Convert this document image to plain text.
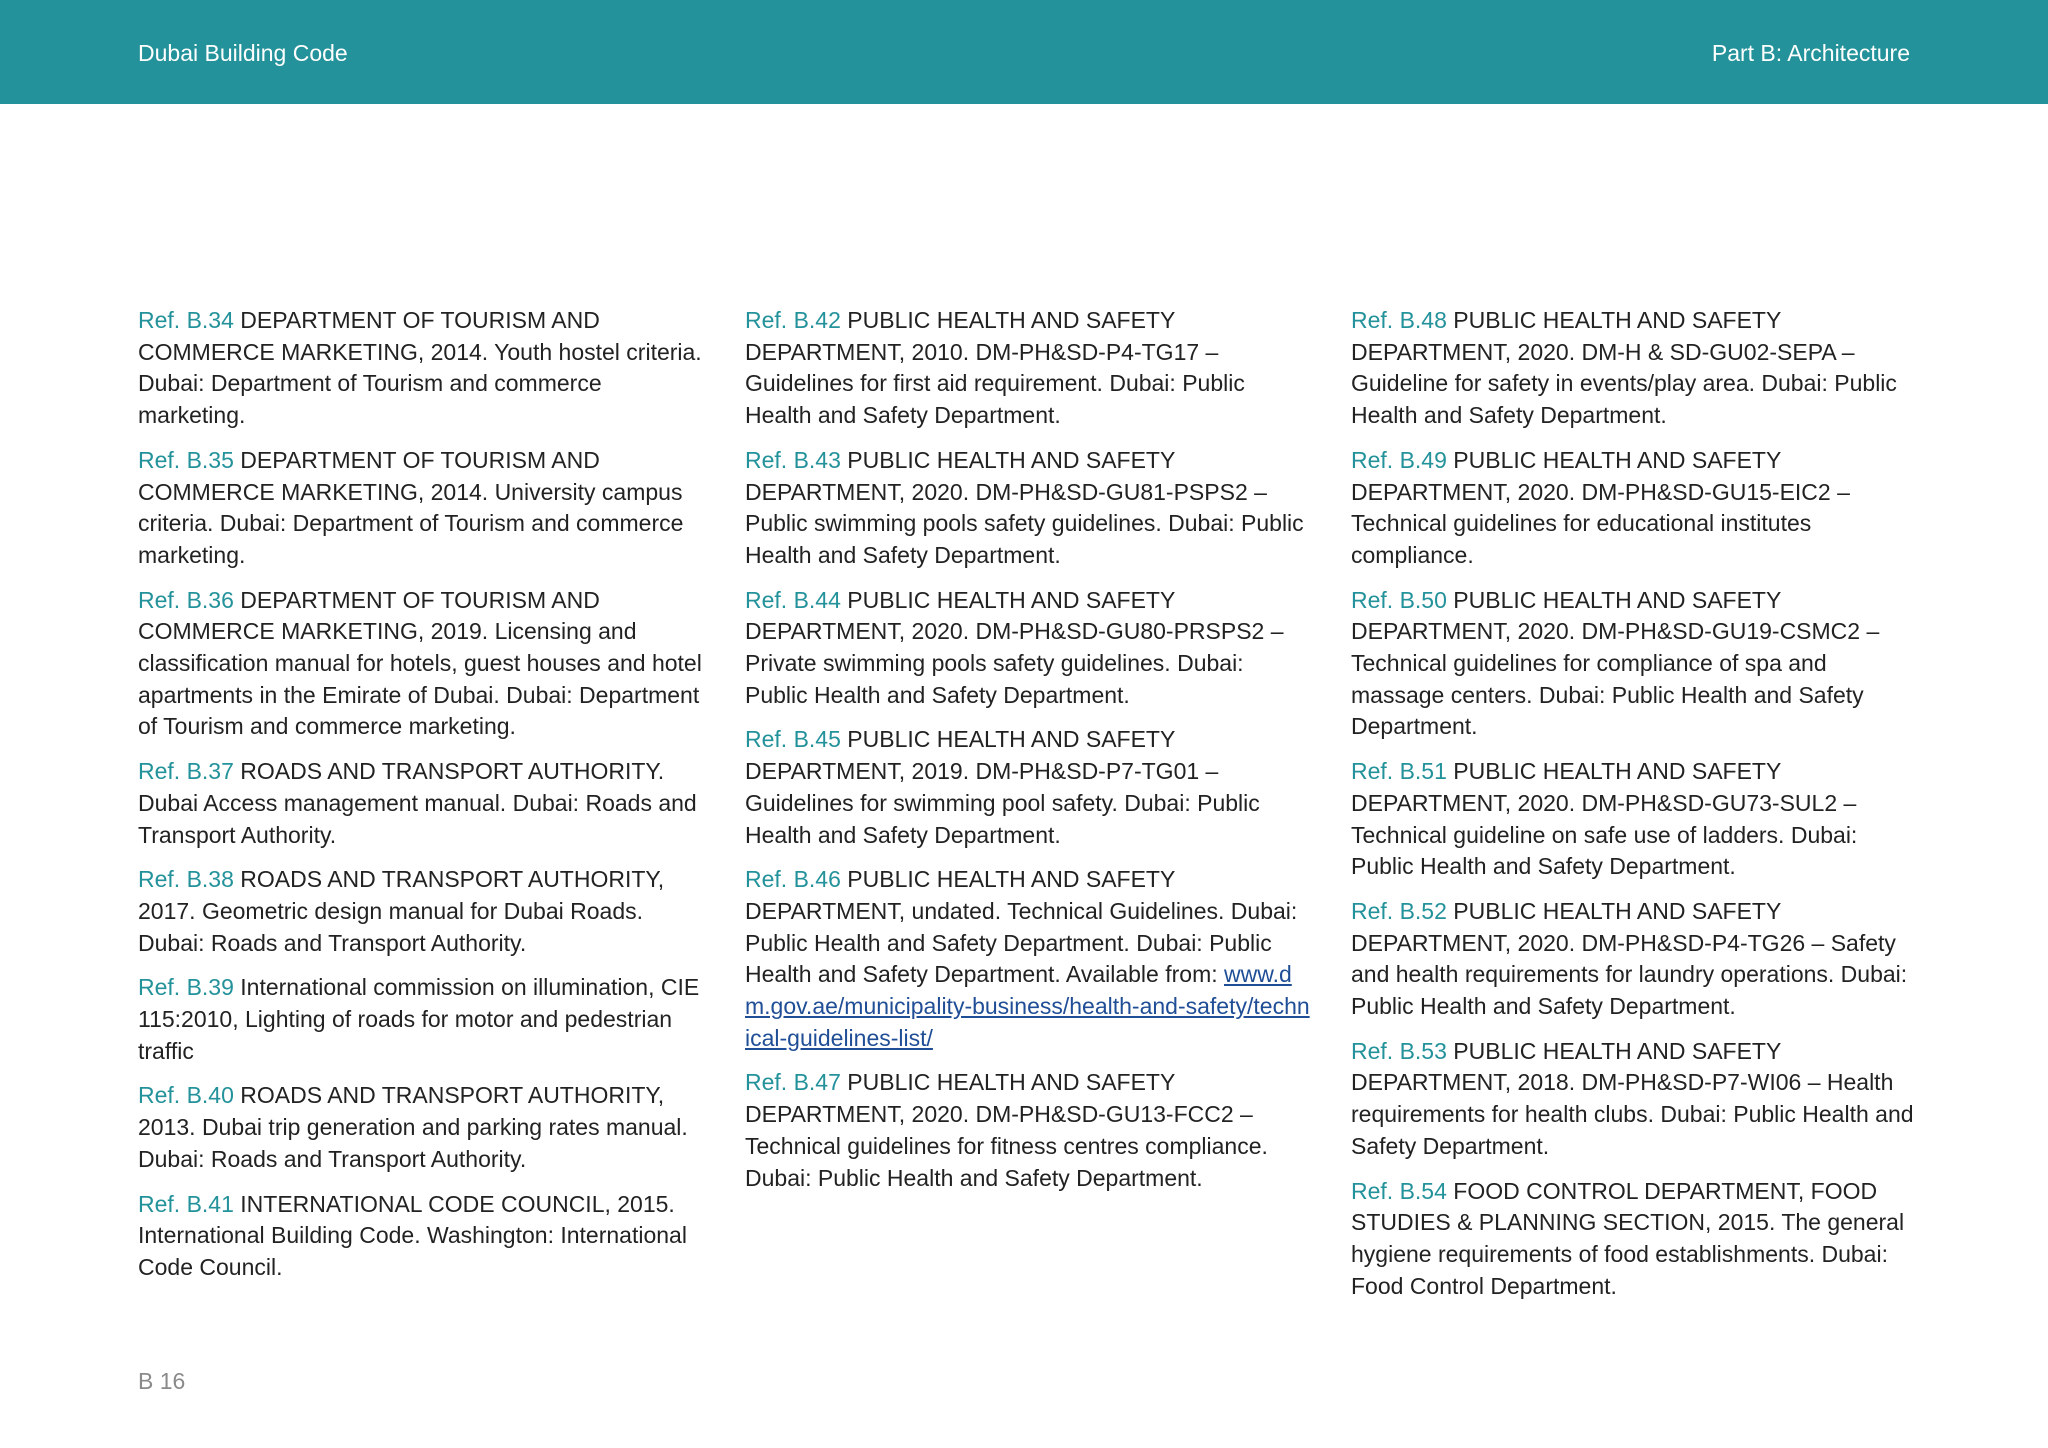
Dubai Building Code	Part B: Architecture

Ref. B.34 DEPARTMENT OF TOURISM AND COMMERCE MARKETING, 2014. Youth hostel criteria. Dubai: Department of Tourism and commerce marketing.

Ref. B.35 DEPARTMENT OF TOURISM AND COMMERCE MARKETING, 2014. University campus criteria. Dubai: Department of Tourism and commerce marketing.

Ref. B.36 DEPARTMENT OF TOURISM AND COMMERCE MARKETING, 2019. Licensing and classification manual for hotels, guest houses and hotel apartments in the Emirate of Dubai. Dubai: Department of Tourism and commerce marketing.

Ref. B.37 ROADS AND TRANSPORT AUTHORITY. Dubai Access management manual. Dubai: Roads and Transport Authority.

Ref. B.38 ROADS AND TRANSPORT AUTHORITY, 2017. Geometric design manual for Dubai Roads. Dubai: Roads and Transport Authority.

Ref. B.39 International commission on illumination, CIE 115:2010, Lighting of roads for motor and pedestrian traffic

Ref. B.40 ROADS AND TRANSPORT AUTHORITY, 2013. Dubai trip generation and parking rates manual. Dubai: Roads and Transport Authority.

Ref. B.41 INTERNATIONAL CODE COUNCIL, 2015. International Building Code. Washington: International Code Council.

Ref. B.42 PUBLIC HEALTH AND SAFETY DEPARTMENT, 2010. DM-PH&SD-P4-TG17 – Guidelines for first aid requirement. Dubai: Public Health and Safety Department.

Ref. B.43 PUBLIC HEALTH AND SAFETY DEPARTMENT, 2020. DM-PH&SD-GU81-PSPS2 – Public swimming pools safety guidelines. Dubai: Public Health and Safety Department.

Ref. B.44 PUBLIC HEALTH AND SAFETY DEPARTMENT, 2020. DM-PH&SD-GU80-PRSPS2 – Private swimming pools safety guidelines. Dubai: Public Health and Safety Department.

Ref. B.45 PUBLIC HEALTH AND SAFETY DEPARTMENT, 2019. DM-PH&SD-P7-TG01 – Guidelines for swimming pool safety. Dubai: Public Health and Safety Department.

Ref. B.46 PUBLIC HEALTH AND SAFETY DEPARTMENT, undated. Technical Guidelines. Dubai: Public Health and Safety Department. Dubai: Public Health and Safety Department. Available from: www.dm.gov.ae/municipality-business/health-and-safety/technical-guidelines-list/

Ref. B.47 PUBLIC HEALTH AND SAFETY DEPARTMENT, 2020. DM-PH&SD-GU13-FCC2 – Technical guidelines for fitness centres compliance. Dubai: Public Health and Safety Department.

Ref. B.48 PUBLIC HEALTH AND SAFETY DEPARTMENT, 2020. DM-H & SD-GU02-SEPA – Guideline for safety in events/play area. Dubai: Public Health and Safety Department.

Ref. B.49 PUBLIC HEALTH AND SAFETY DEPARTMENT, 2020. DM-PH&SD-GU15-EIC2 –Technical guidelines for educational institutes compliance.

Ref. B.50 PUBLIC HEALTH AND SAFETY DEPARTMENT, 2020. DM-PH&SD-GU19-CSMC2 – Technical guidelines for compliance of spa and massage centers. Dubai: Public Health and Safety Department.

Ref. B.51 PUBLIC HEALTH AND SAFETY DEPARTMENT, 2020. DM-PH&SD-GU73-SUL2 – Technical guideline on safe use of ladders. Dubai: Public Health and Safety Department.

Ref. B.52 PUBLIC HEALTH AND SAFETY DEPARTMENT, 2020. DM-PH&SD-P4-TG26 – Safety and health requirements for laundry operations. Dubai: Public Health and Safety Department.

Ref. B.53 PUBLIC HEALTH AND SAFETY DEPARTMENT, 2018. DM-PH&SD-P7-WI06 – Health requirements for health clubs. Dubai: Public Health and Safety Department.

Ref. B.54 FOOD CONTROL DEPARTMENT, FOOD STUDIES & PLANNING SECTION, 2015. The general hygiene requirements of food establishments. Dubai: Food Control Department.

B 16
